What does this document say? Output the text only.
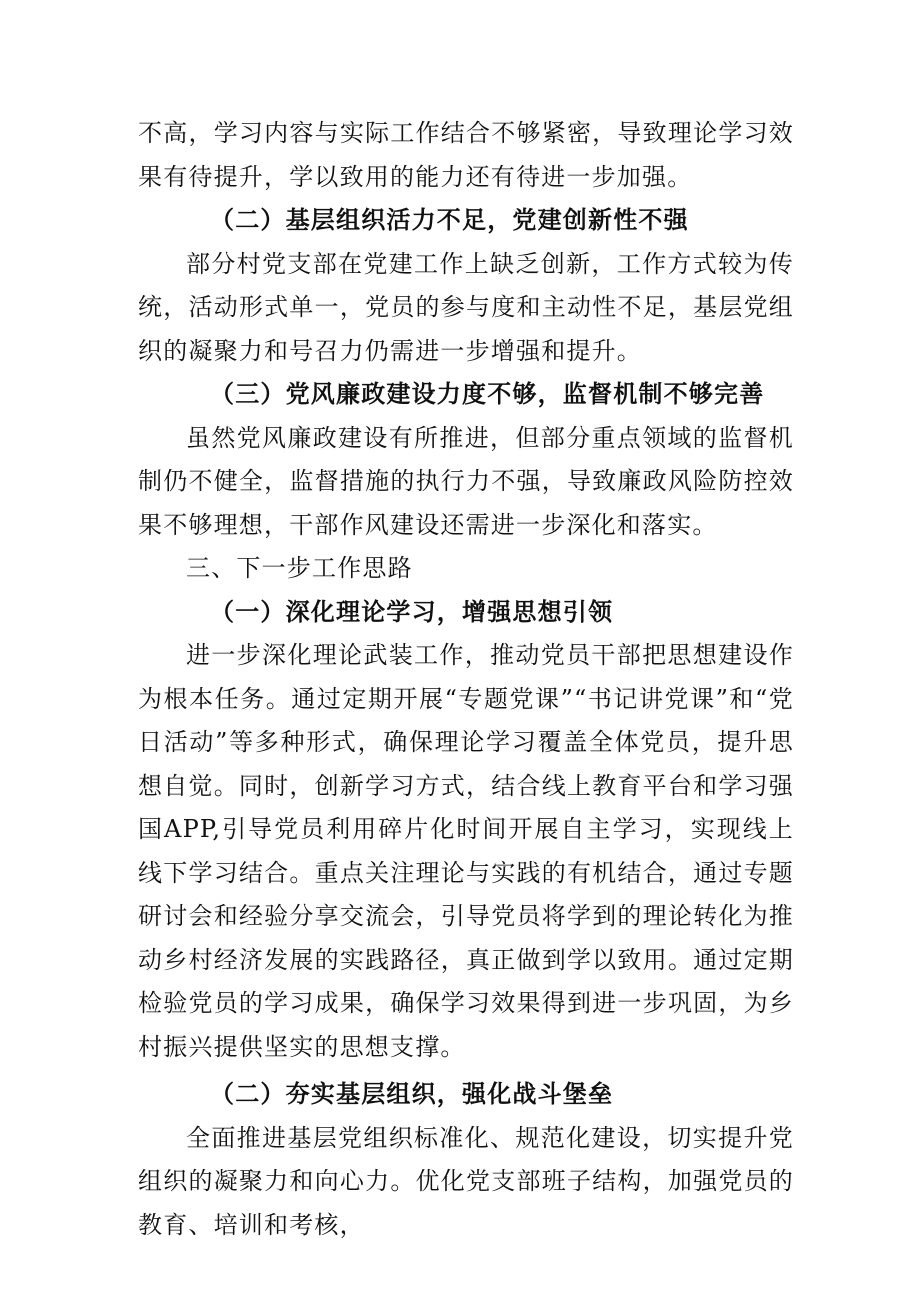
不高，学习内容与实际工作结合不够紧密，导致理论学习效果有待提升，学以致用的能力还有待进一步加强。

（二）基层组织活力不足，党建创新性不强

部分村党支部在党建工作上缺乏创新，工作方式较为传统，活动形式单一，党员的参与度和主动性不足，基层党组织的凝聚力和号召力仍需进一步增强和提升。

（三）党风廉政建设力度不够，监督机制不够完善

虽然党风廉政建设有所推进，但部分重点领域的监督机制仍不健全，监督措施的执行力不强，导致廉政风险防控效果不够理想，干部作风建设还需进一步深化和落实。

三、下一步工作思路

（一）深化理论学习，增强思想引领

进一步深化理论武装工作，推动党员干部把思想建设作为根本任务。通过定期开展“专题党课”“书记讲党课”和“党日活动”等多种形式，确保理论学习覆盖全体党员，提升思想自觉。同时，创新学习方式，结合线上教育平台和学习强国APP,引导党员利用碎片化时间开展自主学习，实现线上线下学习结合。重点关注理论与实践的有机结合，通过专题研讨会和经验分享交流会，引导党员将学到的理论转化为推动乡村经济发展的实践路径，真正做到学以致用。通过定期检验党员的学习成果，确保学习效果得到进一步巩固，为乡村振兴提供坚实的思想支撑。

（二）夯实基层组织，强化战斗堡垒

全面推进基层党组织标准化、规范化建设，切实提升党组织的凝聚力和向心力。优化党支部班子结构，加强党员的教育、培训和考核，
